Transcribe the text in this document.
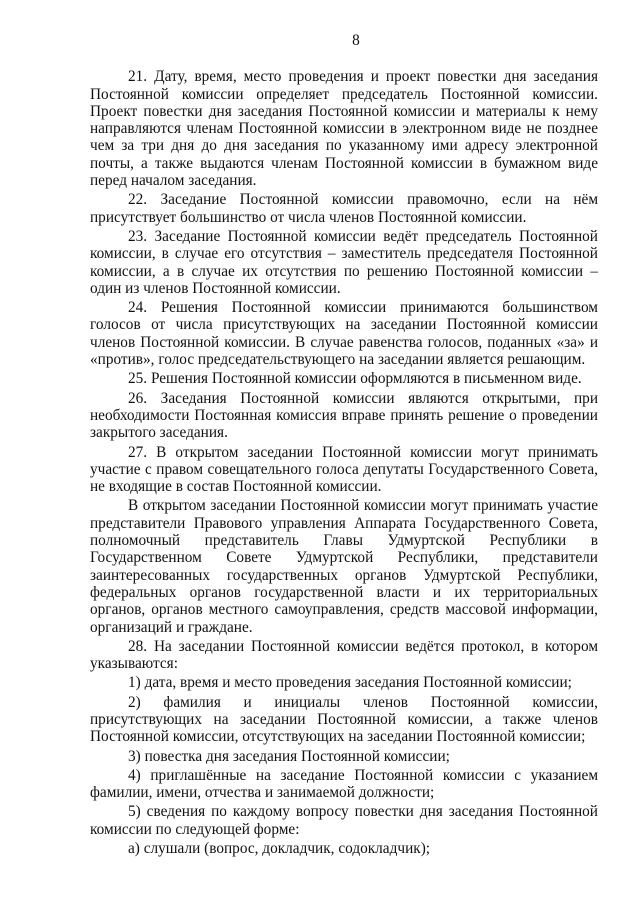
8

21. Дату, время, место проведения и проект повестки дня заседания Постоянной комиссии определяет председатель Постоянной комиссии. Проект повестки дня заседания Постоянной комиссии и материалы к нему направляются членам Постоянной комиссии в электронном виде не позднее чем за три дня до дня заседания по указанному ими адресу электронной почты, а также выдаются членам Постоянной комиссии в бумажном виде перед началом заседания.

22. Заседание Постоянной комиссии правомочно, если на нём присутствует большинство от числа членов Постоянной комиссии.

23. Заседание Постоянной комиссии ведёт председатель Постоянной комиссии, в случае его отсутствия – заместитель председателя Постоянной комиссии, а в случае их отсутствия по решению Постоянной комиссии – один из членов Постоянной комиссии.

24. Решения Постоянной комиссии принимаются большинством голосов от числа присутствующих на заседании Постоянной комиссии членов Постоянной комиссии. В случае равенства голосов, поданных «за» и «против», голос председательствующего на заседании является решающим.

25. Решения Постоянной комиссии оформляются в письменном виде.

26. Заседания Постоянной комиссии являются открытыми, при необходимости Постоянная комиссия вправе принять решение о проведении закрытого заседания.

27. В открытом заседании Постоянной комиссии могут принимать участие с правом совещательного голоса депутаты Государственного Совета, не входящие в состав Постоянной комиссии.

В открытом заседании Постоянной комиссии могут принимать участие представители Правового управления Аппарата Государственного Совета, полномочный представитель Главы Удмуртской Республики в Государственном Совете Удмуртской Республики, представители заинтересованных государственных органов Удмуртской Республики, федеральных органов государственной власти и их территориальных органов, органов местного самоуправления, средств массовой информации, организаций и граждане.

28. На заседании Постоянной комиссии ведётся протокол, в котором указываются:

1) дата, время и место проведения заседания Постоянной комиссии;

2) фамилия и инициалы членов Постоянной комиссии, присутствующих на заседании Постоянной комиссии, а также членов Постоянной комиссии, отсутствующих на заседании Постоянной комиссии;

3) повестка дня заседания Постоянной комиссии;

4) приглашённые на заседание Постоянной комиссии с указанием фамилии, имени, отчества и занимаемой должности;

5) сведения по каждому вопросу повестки дня заседания Постоянной комиссии по следующей форме:

а) слушали (вопрос, докладчик, содокладчик);
